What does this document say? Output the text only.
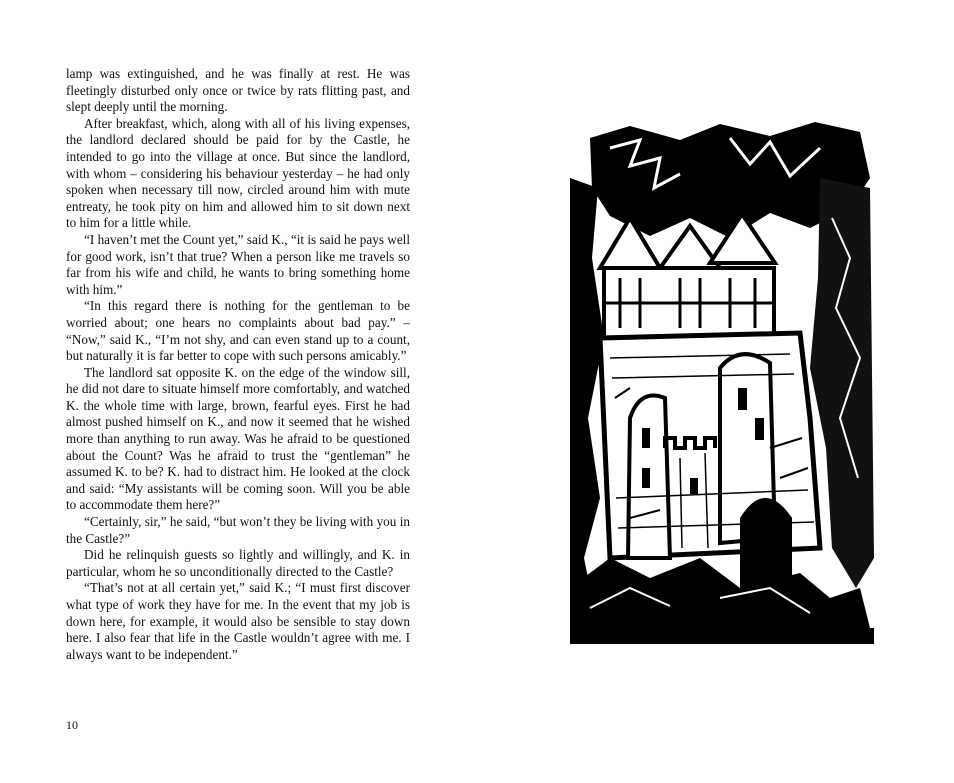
lamp was extinguished, and he was finally at rest. He was fleetingly disturbed only once or twice by rats flitting past, and slept deeply until the morning.

After breakfast, which, along with all of his living expenses, the landlord declared should be paid for by the Castle, he intended to go into the village at once. But since the landlord, with whom – considering his behaviour yesterday – he had only spoken when necessary till now, circled around him with mute entreaty, he took pity on him and allowed him to sit down next to him for a little while.

“I haven’t met the Count yet,” said K., “it is said he pays well for good work, isn’t that true? When a person like me travels so far from his wife and child, he wants to bring something home with him.”

“In this regard there is nothing for the gentleman to be worried about; one hears no complaints about bad pay.” – “Now,” said K., “I’m not shy, and can even stand up to a count, but naturally it is far better to cope with such persons amicably.”

The landlord sat opposite K. on the edge of the window sill, he did not dare to situate himself more comfortably, and watched K. the whole time with large, brown, fearful eyes. First he had almost pushed himself on K., and now it seemed that he wished more than anything to run away. Was he afraid to be questioned about the Count? Was he afraid to trust the “gentleman” he assumed K. to be? K. had to distract him. He looked at the clock and said: “My assistants will be coming soon. Will you be able to accommodate them here?”

“Certainly, sir,” he said, “but won’t they be living with you in the Castle?”

Did he relinquish guests so lightly and willingly, and K. in particular, whom he so unconditionally directed to the Castle?

“That’s not at all certain yet,” said K.; “I must first discover what type of work they have for me. In the event that my job is down here, for example, it would also be sensible to stay down here. I also fear that life in the Castle wouldn’t agree with me. I always want to be independent.”

10
